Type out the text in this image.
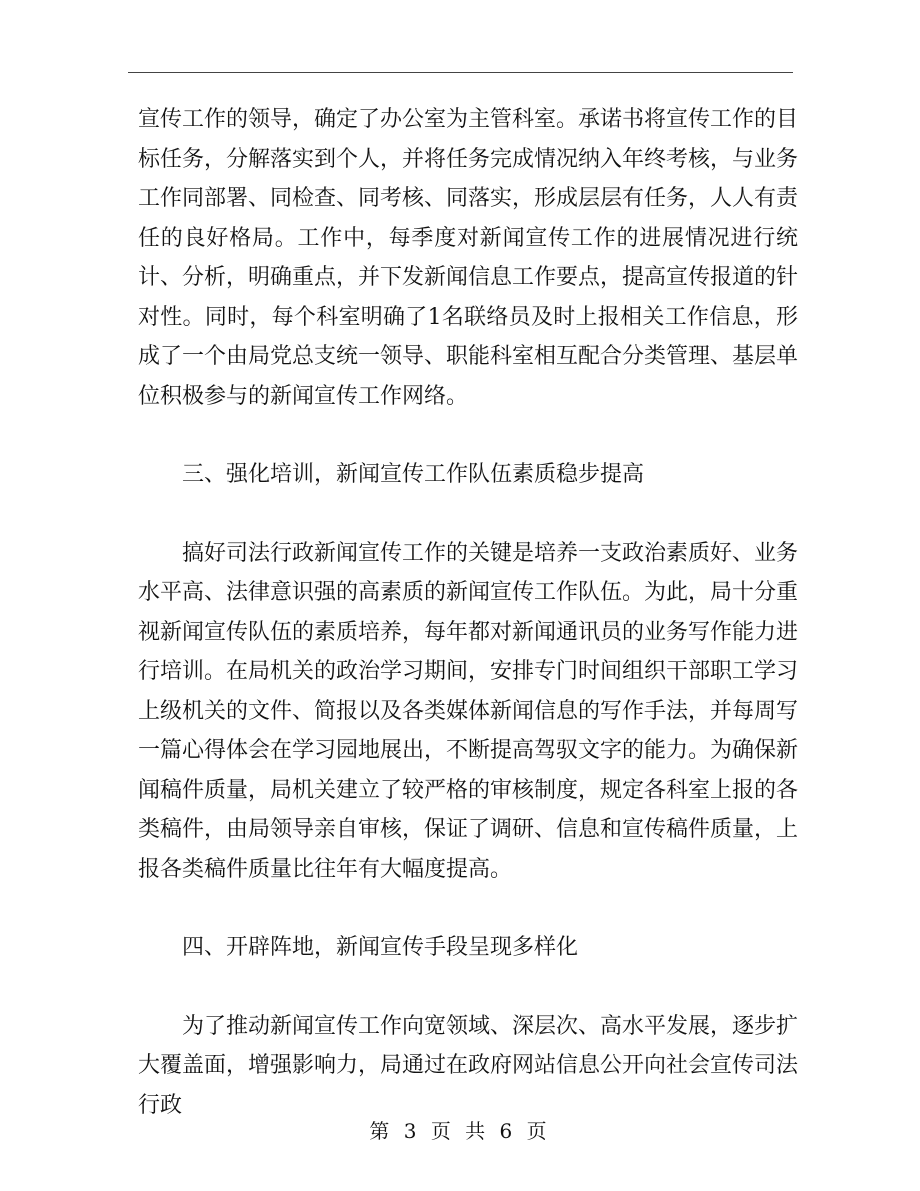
宣传工作的领导，确定了办公室为主管科室。承诺书将宣传工作的目标任务，分解落实到个人，并将任务完成情况纳入年终考核，与业务工作同部署、同检查、同考核、同落实，形成层层有任务，人人有责任的良好格局。工作中，每季度对新闻宣传工作的进展情况进行统计、分析，明确重点，并下发新闻信息工作要点，提高宣传报道的针对性。同时，每个科室明确了1名联络员及时上报相关工作信息，形成了一个由局党总支统一领导、职能科室相互配合分类管理、基层单位积极参与的新闻宣传工作网络。

三、强化培训，新闻宣传工作队伍素质稳步提高

搞好司法行政新闻宣传工作的关键是培养一支政治素质好、业务水平高、法律意识强的高素质的新闻宣传工作队伍。为此，局十分重视新闻宣传队伍的素质培养，每年都对新闻通讯员的业务写作能力进行培训。在局机关的政治学习期间，安排专门时间组织干部职工学习上级机关的文件、简报以及各类媒体新闻信息的写作手法，并每周写一篇心得体会在学习园地展出，不断提高驾驭文字的能力。为确保新闻稿件质量，局机关建立了较严格的审核制度，规定各科室上报的各类稿件，由局领导亲自审核，保证了调研、信息和宣传稿件质量，上报各类稿件质量比往年有大幅度提高。

四、开辟阵地，新闻宣传手段呈现多样化

为了推动新闻宣传工作向宽领域、深层次、高水平发展，逐步扩大覆盖面，增强影响力，局通过在政府网站信息公开向社会宣传司法行政

第 3 页 共 6 页
